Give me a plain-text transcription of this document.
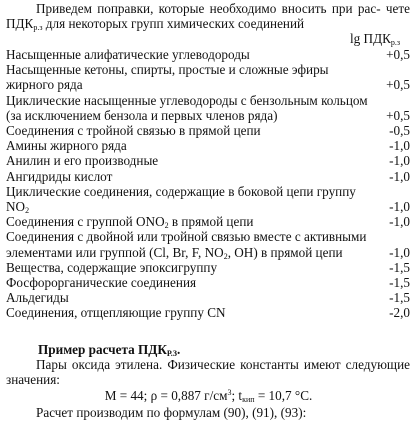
Приведем поправки, которые необходимо вносить при рас- чете $ПДК_{р.з}$ для некоторых групп химических соединений
$\lg ПДК_{р.з}$
Насыщенные алифатические углеводороды	+0,5
Насыщенные кетоны, спирты, простые и сложные эфиры жирного ряда	+0,5
Циклические насыщенные углеводороды с бензольным кольцом (за исключением бензола и первых членов ряда)	+0,5
Соединения с тройной связью в прямой цепи	-0,5
Амины жирного ряда	-1,0
Анилин и его производные	-1,0
Ангидриды кислот	-1,0
Циклические соединения, содержащие в боковой цепи группу $NO_2$	-1,0
Соединения с группой $ONO_2$ в прямой цепи	-1,0
Соединения с двойной или тройной связью вместе с активными элементами или группой (Cl, Br, F, $NO_2$, OH) в прямой цепи	-1,0
Вещества, содержащие эпоксигруппу	-1,5
Фосфорорганические соединения	-1,5
Альдегиды	-1,5
Соединения, отщепляющие группу CN	-2,0
Пример расчета $ПДК_{Р.З}$.
Пары оксида этилена. Физические константы имеют следующие значения:
M = 44; ρ = 0,887 $г/см^3$; $t_{кип} = 10,7$ °C.
Расчет производим по формулам (90), (91), (93):
